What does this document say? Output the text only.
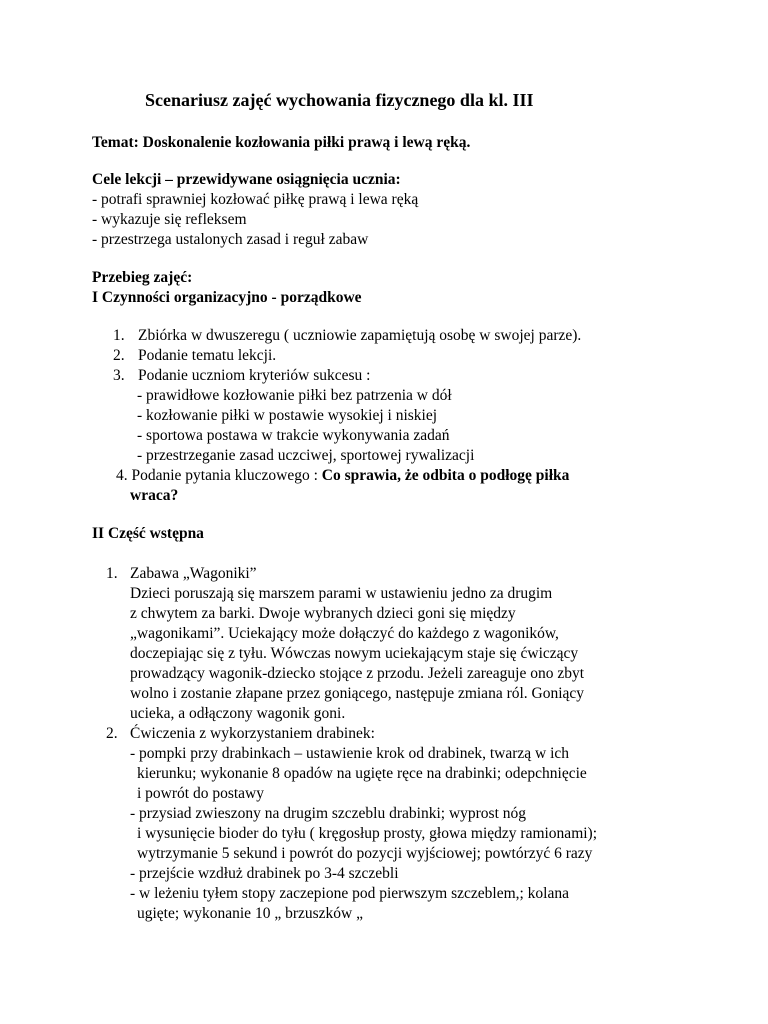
Scenariusz zajęć wychowania fizycznego dla kl. III
Temat: Doskonalenie kozłowania piłki prawą i lewą ręką.
Cele lekcji – przewidywane osiągnięcia ucznia:
- potrafi sprawniej kozłować piłkę prawą i lewa ręką
- wykazuje się refleksem
- przestrzega ustalonych zasad i reguł zabaw
Przebieg zajęć:
I Czynności organizacyjno - porządkowe
1. Zbiórka w dwuszeregu ( uczniowie zapamiętują osobę w swojej parze).
2. Podanie tematu lekcji.
3. Podanie uczniom kryteriów sukcesu :
- prawidłowe kozłowanie piłki bez patrzenia w dół
- kozłowanie piłki w postawie wysokiej i niskiej
- sportowa postawa w trakcie wykonywania zadań
- przestrzeganie zasad uczciwej, sportowej rywalizacji
4. Podanie pytania kluczowego : Co sprawia, że odbita o podłogę piłka
wraca?
II Część wstępna
1. Zabawa „Wagoniki”
Dzieci poruszają się marszem parami w ustawieniu jedno za drugim
z chwytem za barki. Dwoje wybranych dzieci goni się między
„wagonikami”. Uciekający może dołączyć do każdego z wagoników,
doczepiając się z tyłu. Wówczas nowym uciekającym staje się ćwiczący
prowadzący wagonik-dziecko stojące z przodu. Jeżeli zareaguje ono zbyt
wolno i zostanie złapane przez goniącego, następuje zmiana ról. Goniący
ucieka, a odłączony wagonik goni.
2. Ćwiczenia z wykorzystaniem drabinek:
- pompki przy drabinkach – ustawienie krok od drabinek, twarzą w ich
kierunku; wykonanie 8 opadów na ugięte ręce na drabinki; odepchnięcie
i powrót do postawy
- przysiad zwieszony na drugim szczeblu drabinki; wyprost nóg
i wysunięcie bioder do tyłu ( kręgosłup prosty, głowa między ramionami);
wytrzymanie 5 sekund i powrót do pozycji wyjściowej; powtórzyć 6 razy
- przejście wzdłuż drabinek po 3-4 szczebli
- w leżeniu tyłem stopy zaczepione pod pierwszym szczeblem,; kolana
ugięte; wykonanie 10 „ brzuszków „
